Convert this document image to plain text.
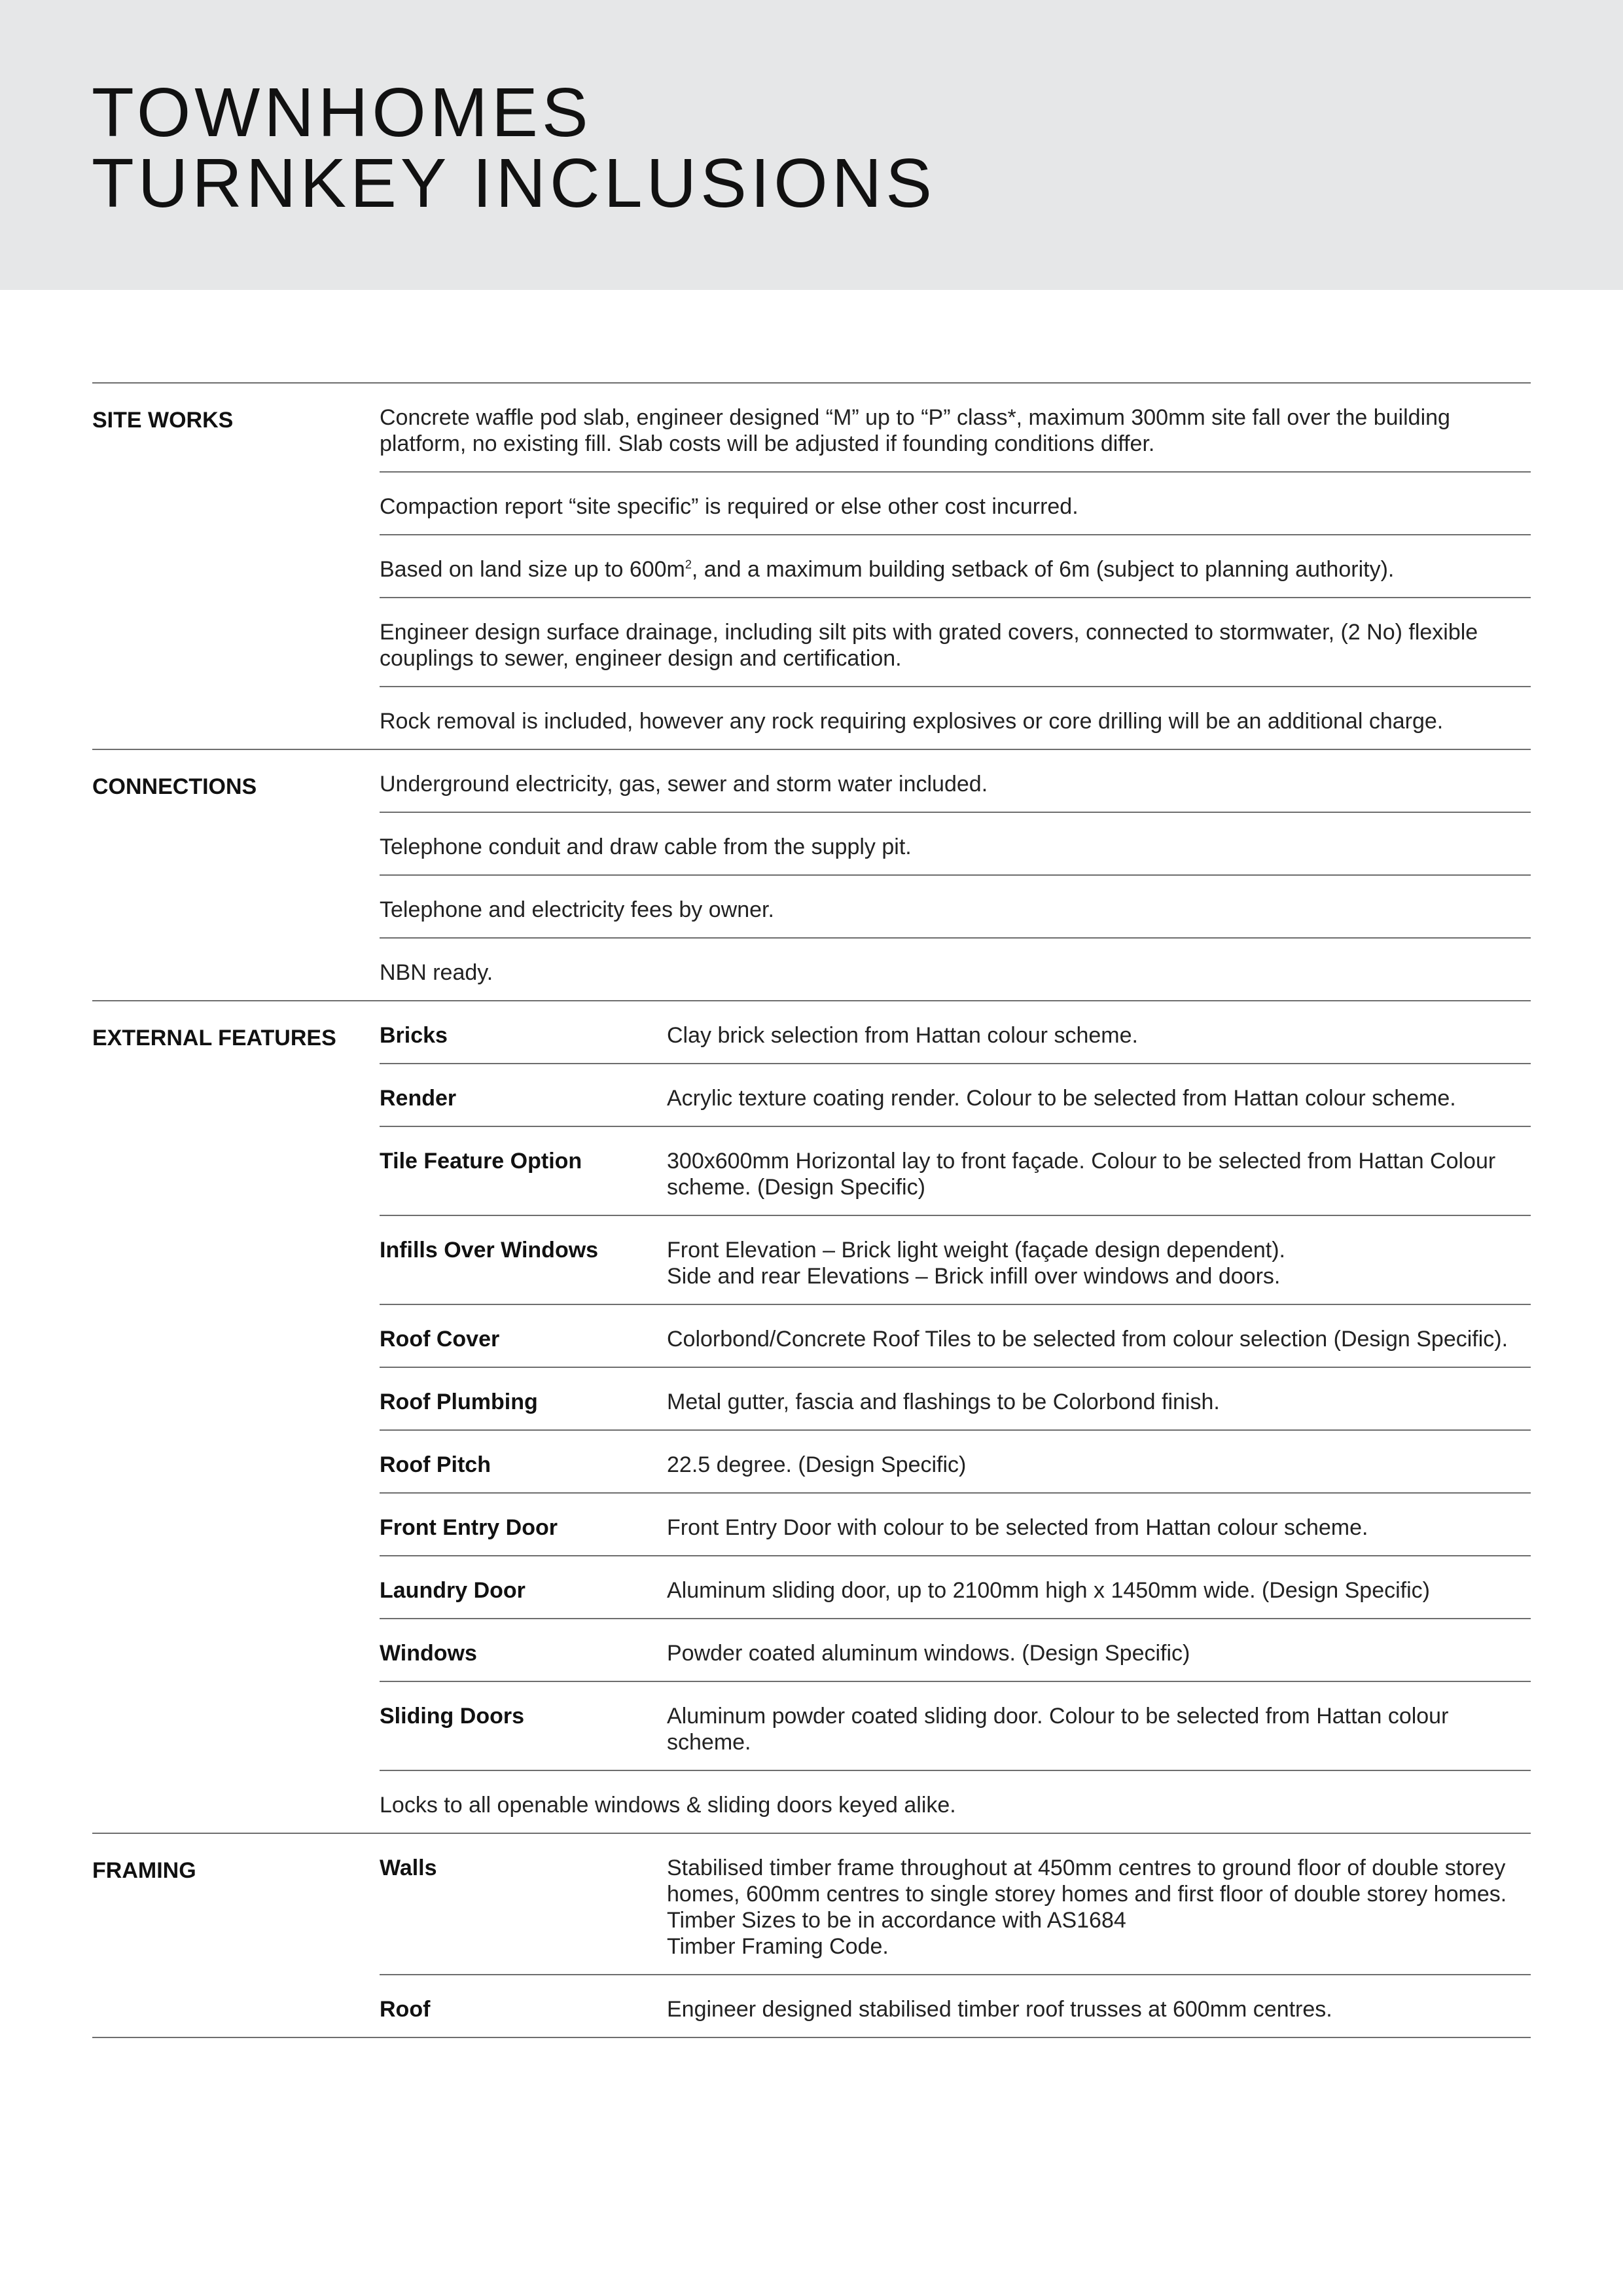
TOWNHOMES
TURNKEY INCLUSIONS
SITE WORKS	Concrete waffle pod slab, engineer designed “M” up to “P” class*, maximum 300mm site fall over the building platform, no existing fill. Slab costs will be adjusted if founding conditions differ.
Compaction report “site specific” is required or else other cost incurred.
Based on land size up to $600m^2$, and a maximum building setback of 6m (subject to planning authority).
Engineer design surface drainage, including silt pits with grated covers, connected to stormwater, (2 No) flexible couplings to sewer, engineer design and certification.
Rock removal is included, however any rock requiring explosives or core drilling will be an additional charge.
CONNECTIONS	Underground electricity, gas, sewer and storm water included.
Telephone conduit and draw cable from the supply pit.
Telephone and electricity fees by owner.
NBN ready.
EXTERNAL FEATURES	Bricks	Clay brick selection from Hattan colour scheme.
Render	Acrylic texture coating render. Colour to be selected from Hattan colour scheme.
Tile Feature Option	300x600mm Horizontal lay to front façade. Colour to be selected from Hattan Colour scheme. (Design Specific)
Infills Over Windows	Front Elevation – Brick light weight (façade design dependent).
Side and rear Elevations – Brick infill over windows and doors.
Roof Cover	Colorbond/Concrete Roof Tiles to be selected from colour selection (Design Specific).
Roof Plumbing	Metal gutter, fascia and flashings to be Colorbond finish.
Roof Pitch	22.5 degree. (Design Specific)
Front Entry Door	Front Entry Door with colour to be selected from Hattan colour scheme.
Laundry Door	Aluminum sliding door, up to 2100mm high x 1450mm wide. (Design Specific)
Windows	Powder coated aluminum windows. (Design Specific)
Sliding Doors	Aluminum powder coated sliding door. Colour to be selected from Hattan colour scheme.
Locks to all openable windows & sliding doors keyed alike.
FRAMING	Walls	Stabilised timber frame throughout at 450mm centres to ground floor of double storey homes, 600mm centres to single storey homes and first floor of double storey homes. Timber Sizes to be in accordance with AS1684
Timber Framing Code.
Roof	Engineer designed stabilised timber roof trusses at 600mm centres.
